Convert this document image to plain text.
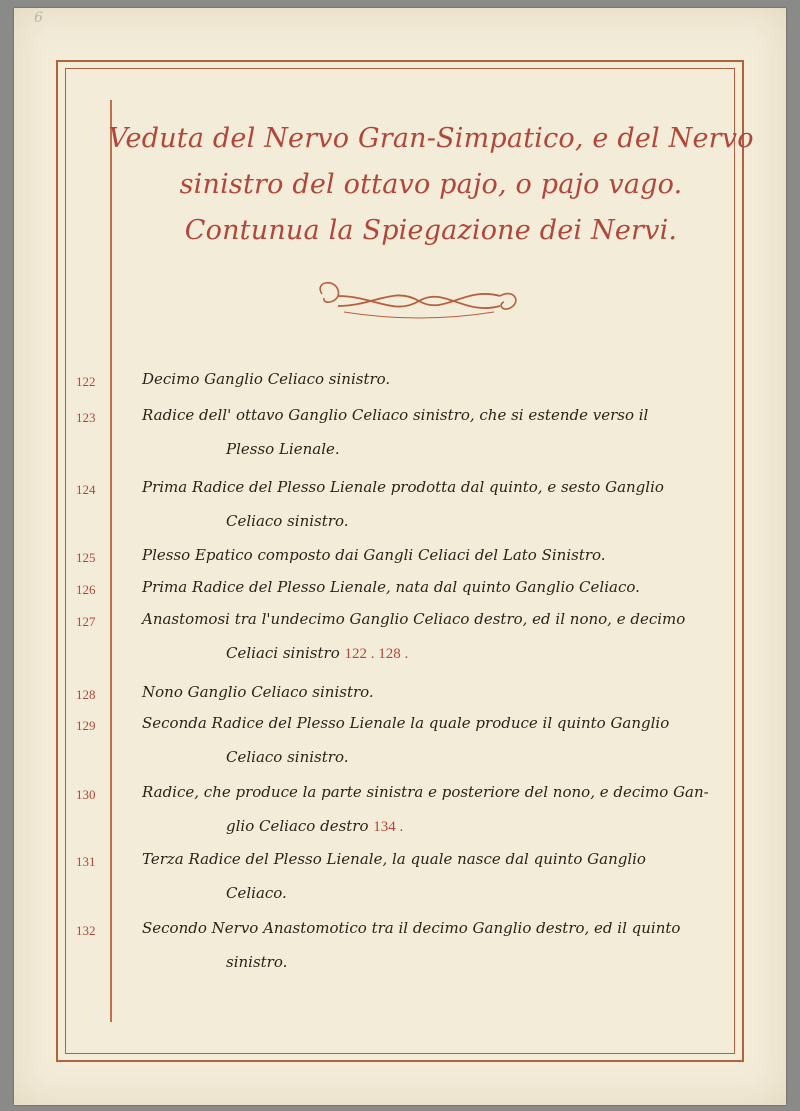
6
Veduta del Nervo Gran-Simpatico, e del Nervo
sinistro del ottavo pajo, o pajo vago.
Contunua la Spiegazione dei Nervi.
122	Decimo Ganglio Celiaco sinistro.
123	Radice dell' ottavo Ganglio Celiaco sinistro, che si estende verso il
Plesso Lienale.
124	Prima Radice del Plesso Lienale prodotta dal quinto, e sesto Ganglio
Celiaco sinistro.
125	Plesso Epatico composto dai Gangli Celiaci del Lato Sinistro.
126	Prima Radice del Plesso Lienale, nata dal quinto Ganglio Celiaco.
127	Anastomosi tra l'undecimo Ganglio Celiaco destro, ed il nono, e decimo
Celiaci sinistro 122 . 128 .
128	Nono Ganglio Celiaco sinistro.
129	Seconda Radice del Plesso Lienale la quale produce il quinto Ganglio
Celiaco sinistro.
130	Radice, che produce la parte sinistra e posteriore del nono, e decimo Gan-
glio Celiaco destro 134 .
131	Terza Radice del Plesso Lienale, la quale nasce dal quinto Ganglio
Celiaco.
132	Secondo Nervo Anastomotico tra il decimo Ganglio destro, ed il quinto
sinistro.
